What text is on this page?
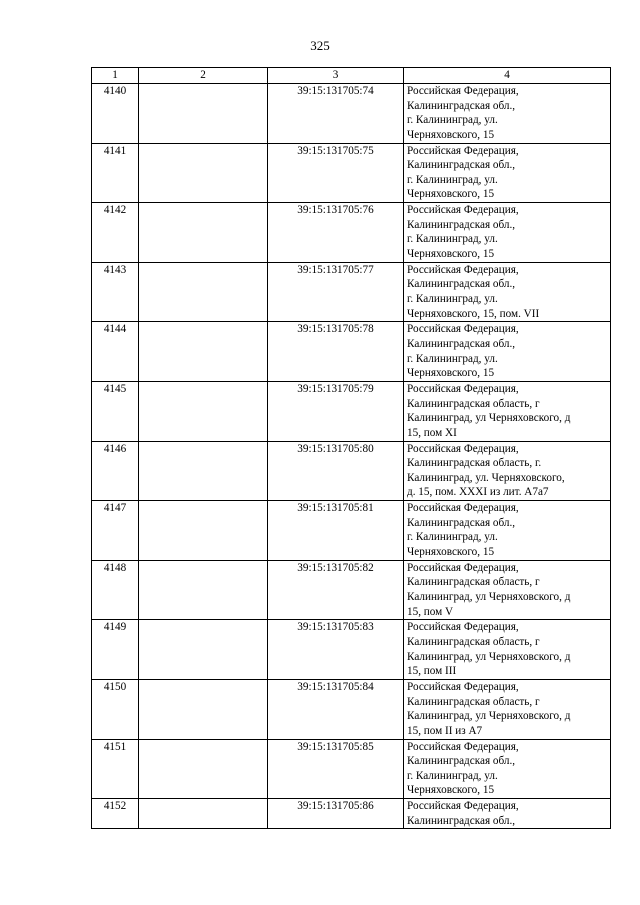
325
1	2	3	4
4140		39:15:131705:74	Российская Федерация,
Калининградская обл.,
г. Калининград, ул.
Черняховского, 15
4141		39:15:131705:75	Российская Федерация,
Калининградская обл.,
г. Калининград, ул.
Черняховского, 15
4142		39:15:131705:76	Российская Федерация,
Калининградская обл.,
г. Калининград, ул.
Черняховского, 15
4143		39:15:131705:77	Российская Федерация,
Калининградская обл.,
г. Калининград, ул.
Черняховского, 15, пом. VII
4144		39:15:131705:78	Российская Федерация,
Калининградская обл.,
г. Калининград, ул.
Черняховского, 15
4145		39:15:131705:79	Российская Федерация,
Калининградская область, г
Калининград, ул Черняховского, д
15, пом XI
4146		39:15:131705:80	Российская Федерация,
Калининградская область, г.
Калининград, ул. Черняховского,
д. 15, пом. XXXI из лит. А7а7
4147		39:15:131705:81	Российская Федерация,
Калининградская обл.,
г. Калининград, ул.
Черняховского, 15
4148		39:15:131705:82	Российская Федерация,
Калининградская область, г
Калининград, ул Черняховского, д
15, пом V
4149		39:15:131705:83	Российская Федерация,
Калининградская область, г
Калининград, ул Черняховского, д
15, пом III
4150		39:15:131705:84	Российская Федерация,
Калининградская область, г
Калининград, ул Черняховского, д
15, пом II из А7
4151		39:15:131705:85	Российская Федерация,
Калининградская обл.,
г. Калининград, ул.
Черняховского, 15
4152		39:15:131705:86	Российская Федерация,
Калининградская обл.,
